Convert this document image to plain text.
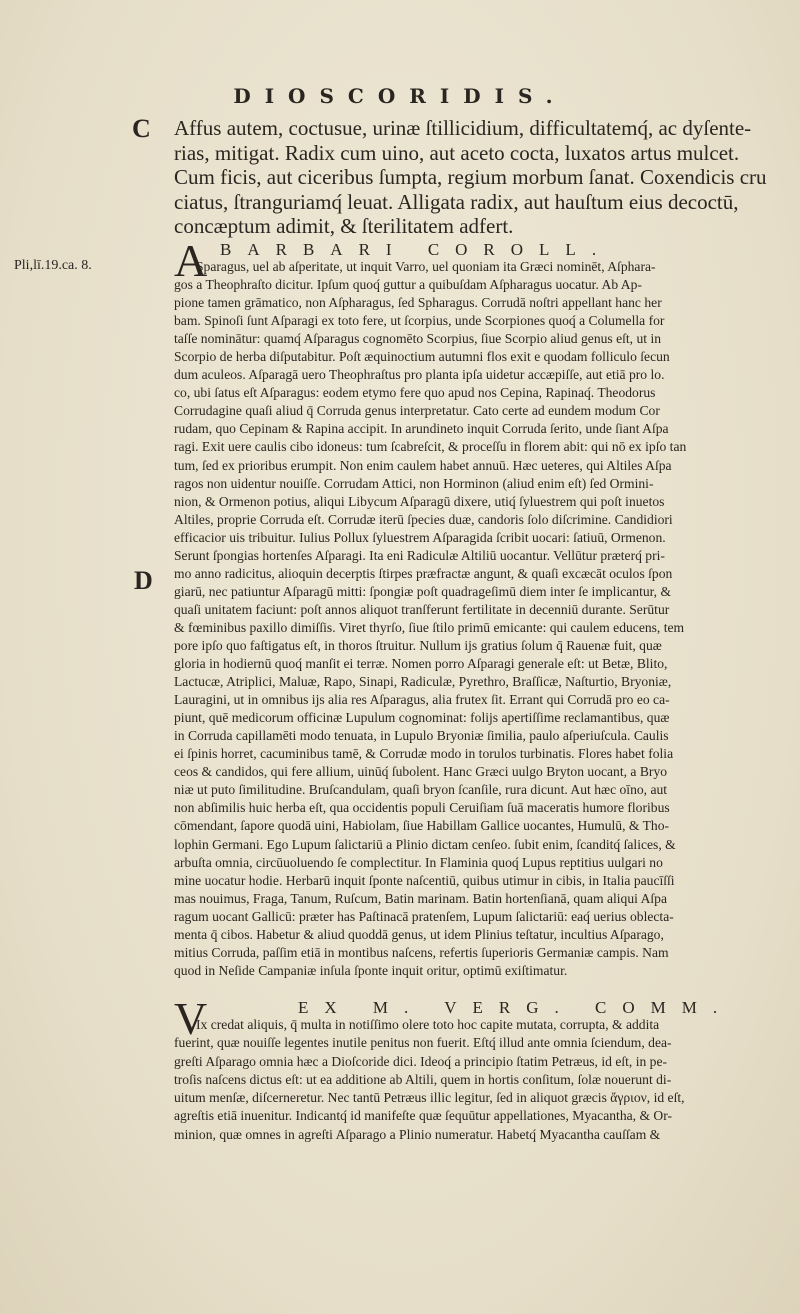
DIOSCORIDIS.
C
D
Pli,lī.19.ca. 8.
Affus autem, coctusue, urinæ ſtillicidium, difficultatemq́, ac dyſente-
rias, mitigat. Radix cum uino, aut aceto cocta, luxatos artus mulcet.
Cum ficis, aut ciceribus ſumpta, regium morbum ſanat. Coxendicis cru
ciatus, ſtranguriamq́ leuat. Alligata radix, aut hauſtum eius decoctū,
concæptum adimit, & ſterilitatem adfert.
A BARBARI COROLL.
Sparagus, uel ab aſperitate, ut inquit Varro, uel quoniam ita Græci nominēt, Aſphara-
gos a Theophraſto dicitur. Ipſum quoq́ guttur a quibuſdam Aſpharagus uocatur. Ab Ap-
pione tamen grāmatico, non Aſpharagus, ſed Spharagus. Corrudā noſtri appellant hanc her
bam. Spinoſi ſunt Aſparagi ex toto fere, ut ſcorpius, unde Scorpiones quoq́ a Columella for
taſſe nominātur: quamq́ Aſparagus cognomēto Scorpius, ſiue Scorpio aliud genus eſt, ut in
Scorpio de herba diſputabitur. Poſt æquinoctium autumni flos exit e quodam folliculo ſecun
dum aculeos. Aſparagā uero Theophraſtus pro planta ipſa uidetur accæpiſſe, aut etiā pro lo.
co, ubi ſatus eſt Aſparagus: eodem etymo fere quo apud nos Cepina, Rapinaq́. Theodorus
Corrudagine quaſi aliud q̄ Corruda genus interpretatur. Cato certe ad eundem modum Cor
rudam, quo Cepinam & Rapina accipit. In arundineto inquit Corruda ſerito, unde ſiant Aſpa
ragi. Exit uere caulis cibo idoneus: tum ſcabreſcit, & proceſſu in florem abit: qui nō ex ipſo tan
tum, ſed ex prioribus erumpit. Non enim caulem habet annuū. Hæc ueteres, qui Altiles Aſpa
ragos non uidentur nouiſſe. Corrudam Attici, non Horminon (aliud enim eſt) ſed Ormini-
nion, & Ormenon potius, aliqui Libycum Aſparagū dixere, utiq́ ſyluestrem qui poſt inuetos
Altiles, proprie Corruda eſt. Corrudæ iterū ſpecies duæ, candoris ſolo diſcrimine. Candidiori
efficacior uis tribuitur. Iulius Pollux ſyluestrem Aſparagida ſcribit uocari: ſatiuū, Ormenon.
Serunt ſpongias hortenſes Aſparagi. Ita eni Radiculæ Altiliū uocantur. Vellūtur præterq́ pri-
mo anno radicitus, alioquin decerptis ſtirpes præfractæ angunt, & quaſi excæcāt oculos ſpon
giarū, nec patiuntur Aſparagū mitti: ſpongiæ poſt quadrageſimū diem inter ſe implicantur, &
quaſi unitatem faciunt: poſt annos aliquot tranſferunt fertilitate in decenniū durante. Serūtur
& fœminibus paxillo dimiſſis. Viret thyrſo, ſiue ſtilo primū emicante: qui caulem educens, tem
pore ipſo quo faſtigatus eſt, in thoros ſtruitur. Nullum ijs gratius ſolum q̄ Rauenæ fuit, quæ
gloria in hodiernū quoq́ manſit ei terræ. Nomen porro Aſparagi generale eſt: ut Betæ, Blito,
Lactucæ, Atriplici, Maluæ, Rapo, Sinapi, Radiculæ, Pyrethro, Braſſicæ, Naſturtio, Bryoniæ,
Lauragini, ut in omnibus ijs alia res Aſparagus, alia frutex ſit. Errant qui Corrudā pro eo ca-
piunt, quē medicorum officinæ Lupulum cognominat: folijs apertiſſime reclamantibus, quæ
in Corruda capillamēti modo tenuata, in Lupulo Bryoniæ ſimilia, paulo aſperiuſcula. Caulis
ei ſpinis horret, cacuminibus tamē, & Corrudæ modo in torulos turbinatis. Flores habet folia
ceos & candidos, qui fere allium, uinūq́ ſubolent. Hanc Græci uulgo Bryton uocant, a Bryo
niæ ut puto ſimilitudine. Bruſcandulam, quaſi bryon ſcanſile, rura dicunt. Aut hæc oīno, aut
non abſimilis huic herba eſt, qua occidentis populi Ceruiſiam ſuā maceratis humore floribus
cōmendant, ſapore quodā uini, Habiolam, ſiue Habillam Gallice uocantes, Humulū, & Tho-
lophin Germani. Ego Lupum ſalictariū a Plinio dictam cenſeo. ſubit enim, ſcanditq́ ſalices, &
arbuſta omnia, circūuoluendo ſe complectitur. In Flaminia quoq́ Lupus reptitius uulgari no
mine uocatur hodie. Herbarū inquit ſponte naſcentiū, quibus utimur in cibis, in Italia paucīſſi
mas nouimus, Fraga, Tanum, Ruſcum, Batin marinam. Batin hortenſianā, quam aliqui Aſpa
ragum uocant Gallicū: præter has Paſtinacā pratenſem, Lupum ſalictariū: eaq́ uerius oblecta-
menta q̄ cibos. Habetur & aliud quoddā genus, ut idem Plinius teſtatur, incultius Aſparago,
mitius Corruda, paſſim etiā in montibus naſcens, refertis ſuperioris Germaniæ campis. Nam
quod in Neſide Campaniæ inſula ſponte inquit oritur, optimū exiſtimatur.
V	EX M. VERG. COMM.
Ix credat aliquis, q̄ multa in notiſſimo olere toto hoc capite mutata, corrupta, & addita
fuerint, quæ nouiſſe legentes inutile penitus non fuerit. Eſtq́ illud ante omnia ſciendum, dea-
greſti Aſparago omnia hæc a Dioſcoride dici. Ideoq́ a principio ſtatim Petræus, id eſt, in pe-
troſis naſcens dictus eſt: ut ea additione ab Altili, quem in hortis conſitum, ſolæ nouerunt di-
uitum menſæ, diſcerneretur. Nec tantū Petræus illic legitur, ſed in aliquot græcis ἄγριον, id eſt,
agreſtis etiā inuenitur. Indicantq́ id manifeſte quæ ſequūtur appellationes, Myacantha, & Or-
minion, quæ omnes in agreſti Aſparago a Plinio numeratur. Habetq́ Myacantha cauſſam &
